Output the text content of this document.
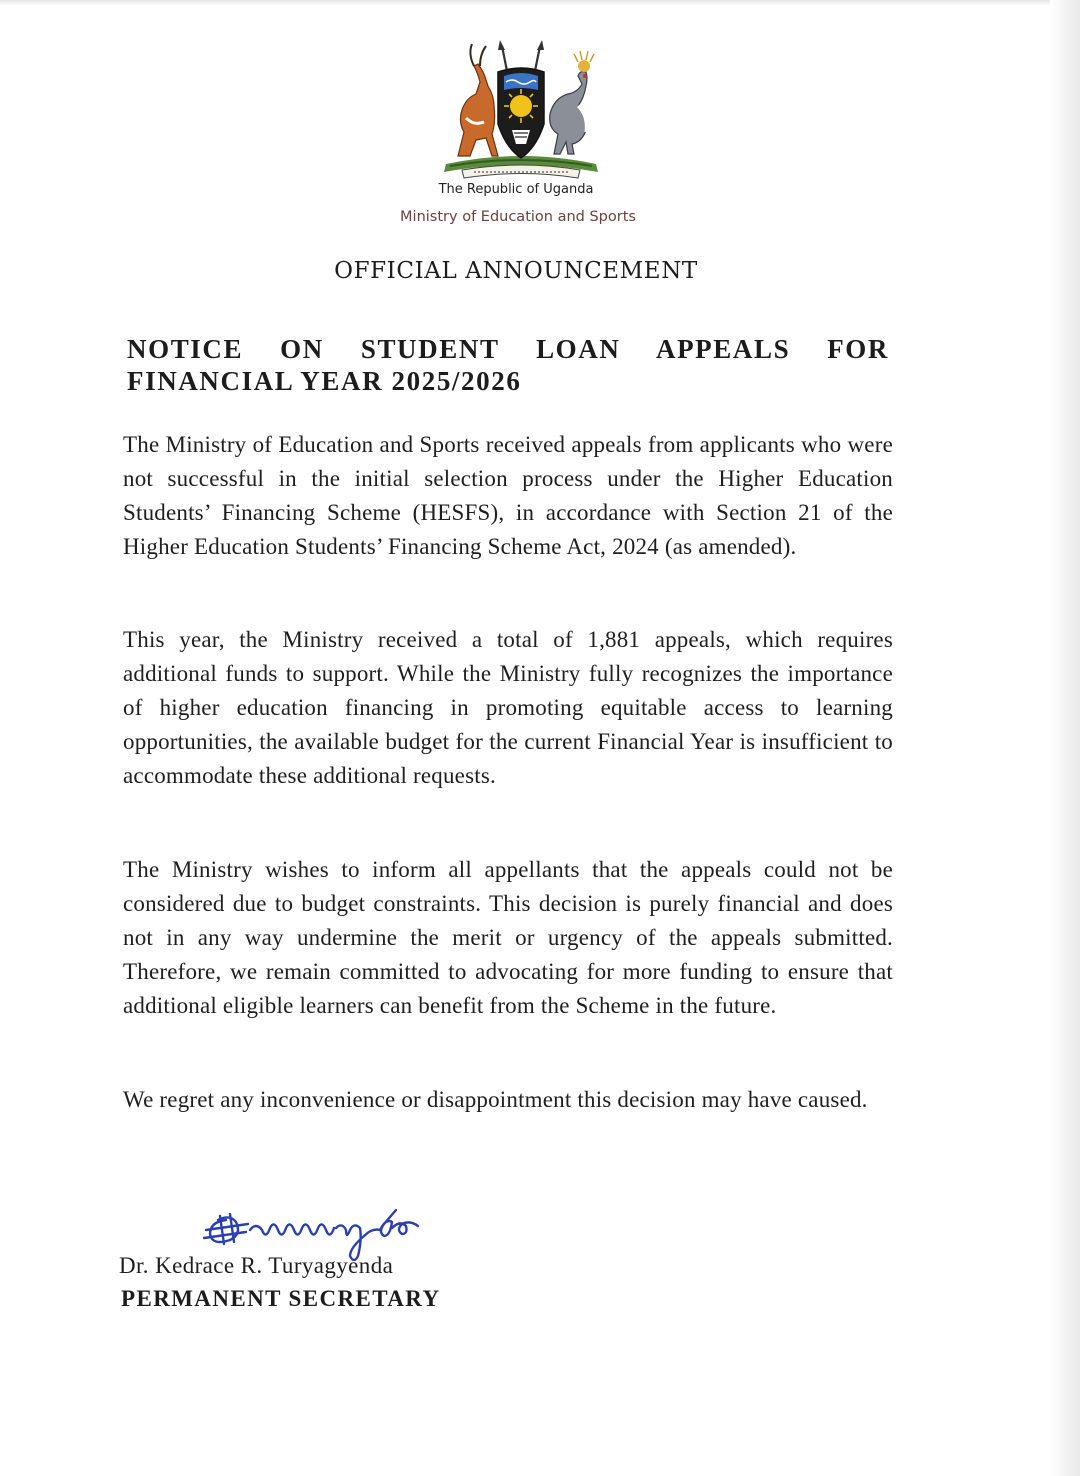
The Republic of Uganda
Ministry of Education and Sports
OFFICIAL ANNOUNCEMENT

NOTICE ON STUDENT LOAN APPEALS FOR FINANCIAL YEAR 2025/2026

The Ministry of Education and Sports received appeals from applicants who were not successful in the initial selection process under the Higher Education Students’ Financing Scheme (HESFS), in accordance with Section 21 of the Higher Education Students’ Financing Scheme Act, 2024 (as amended).

This year, the Ministry received a total of 1,881 appeals, which requires additional funds to support. While the Ministry fully recognizes the importance of higher education financing in promoting equitable access to learning opportunities, the available budget for the current Financial Year is insufficient to accommodate these additional requests.

The Ministry wishes to inform all appellants that the appeals could not be considered due to budget constraints. This decision is purely financial and does not in any way undermine the merit or urgency of the appeals submitted. Therefore, we remain committed to advocating for more funding to ensure that additional eligible learners can benefit from the Scheme in the future.

We regret any inconvenience or disappointment this decision may have caused.

Dr. Kedrace R. Turyagyenda
PERMANENT SECRETARY
